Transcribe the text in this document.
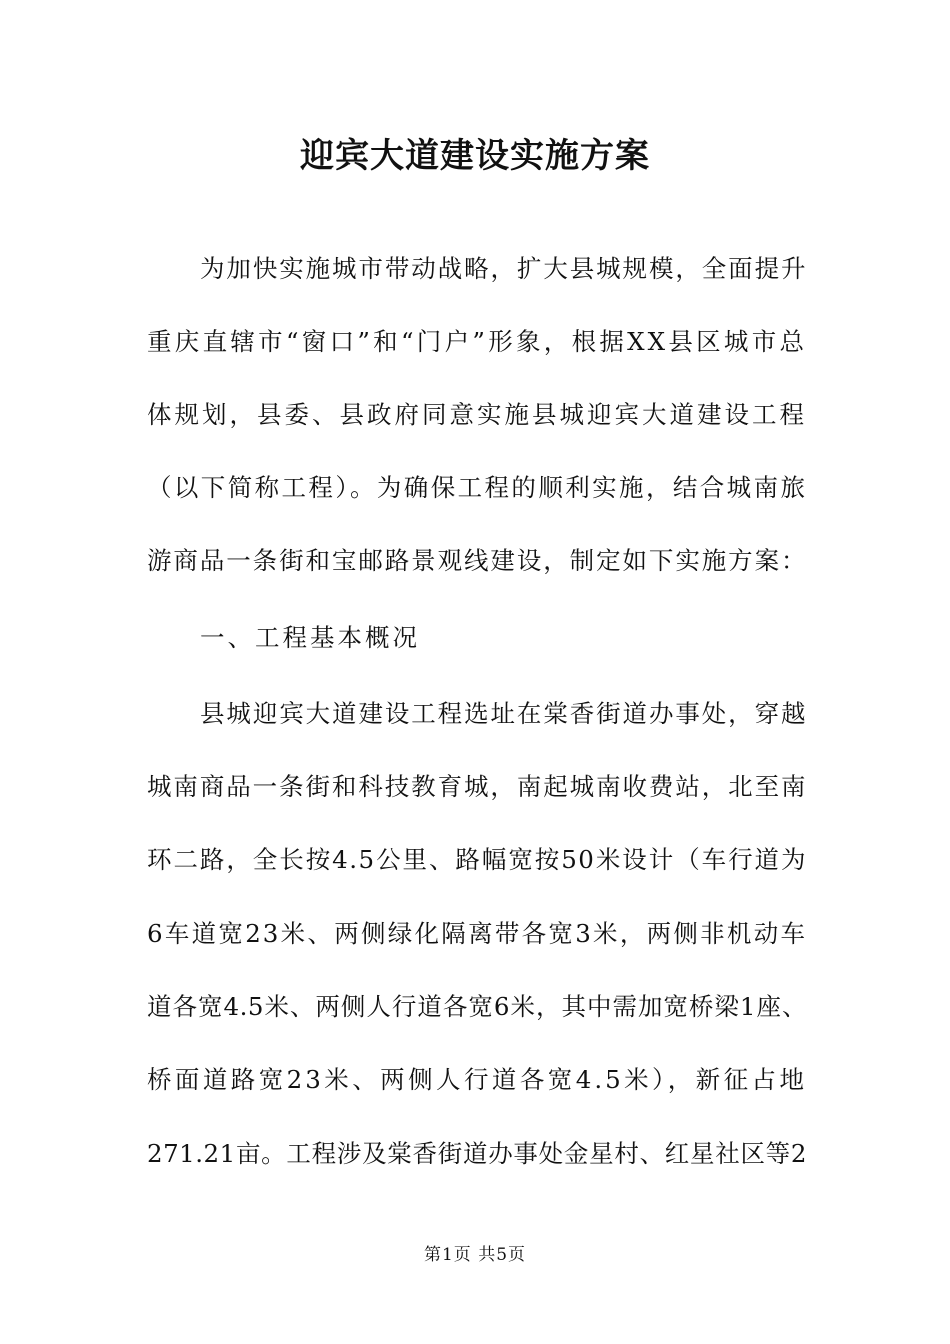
迎宾大道建设实施方案
为加快实施城市带动战略，扩大县城规模，全面提升
重庆直辖市“窗口”和“门户”形象，根据XX县区城市总
体规划，县委、县政府同意实施县城迎宾大道建设工程
（以下简称工程）。为确保工程的顺利实施，结合城南旅
游商品一条街和宝邮路景观线建设，制定如下实施方案：
一、工程基本概况
县城迎宾大道建设工程选址在棠香街道办事处，穿越
城南商品一条街和科技教育城，南起城南收费站，北至南
环二路，全长按4.5公里、路幅宽按50米设计（车行道为
6车道宽23米、两侧绿化隔离带各宽3米，两侧非机动车
道各宽4.5米、两侧人行道各宽6米，其中需加宽桥梁1座、
桥面道路宽23米、两侧人行道各宽4.5米），新征占地
271.21亩。工程涉及棠香街道办事处金星村、红星社区等2
第1页 共5页
